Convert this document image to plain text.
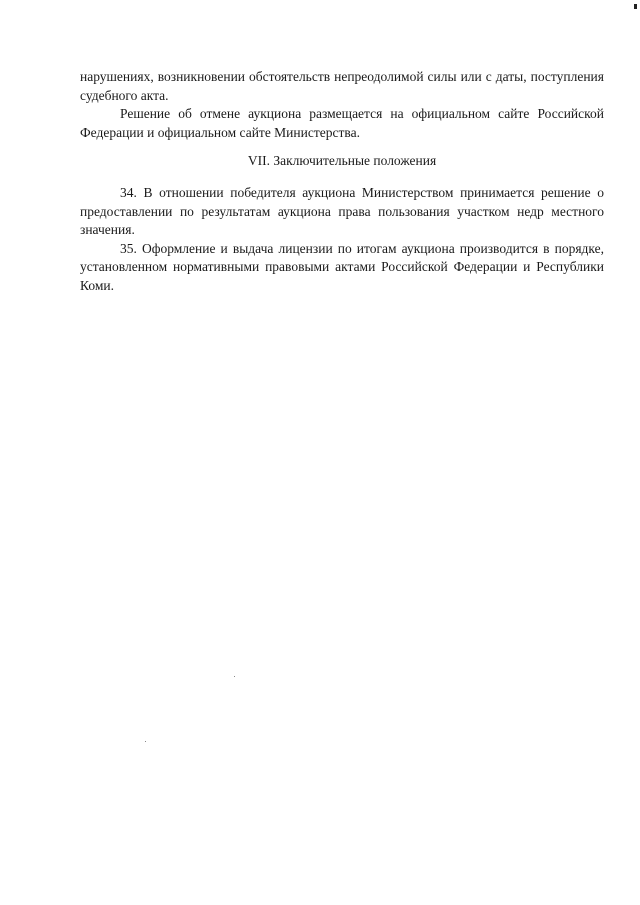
нарушениях, возникновении обстоятельств непреодолимой силы или с даты, поступления судебного акта.

Решение об отмене аукциона размещается на официальном сайте Российской Федерации и официальном сайте Министерства.

VII. Заключительные положения

34. В отношении победителя аукциона Министерством принимается решение о предоставлении по результатам аукциона права пользования участком недр местного значения.

35. Оформление и выдача лицензии по итогам аукциона производится в порядке, установленном нормативными правовыми актами Российской Федерации и Республики Коми.
